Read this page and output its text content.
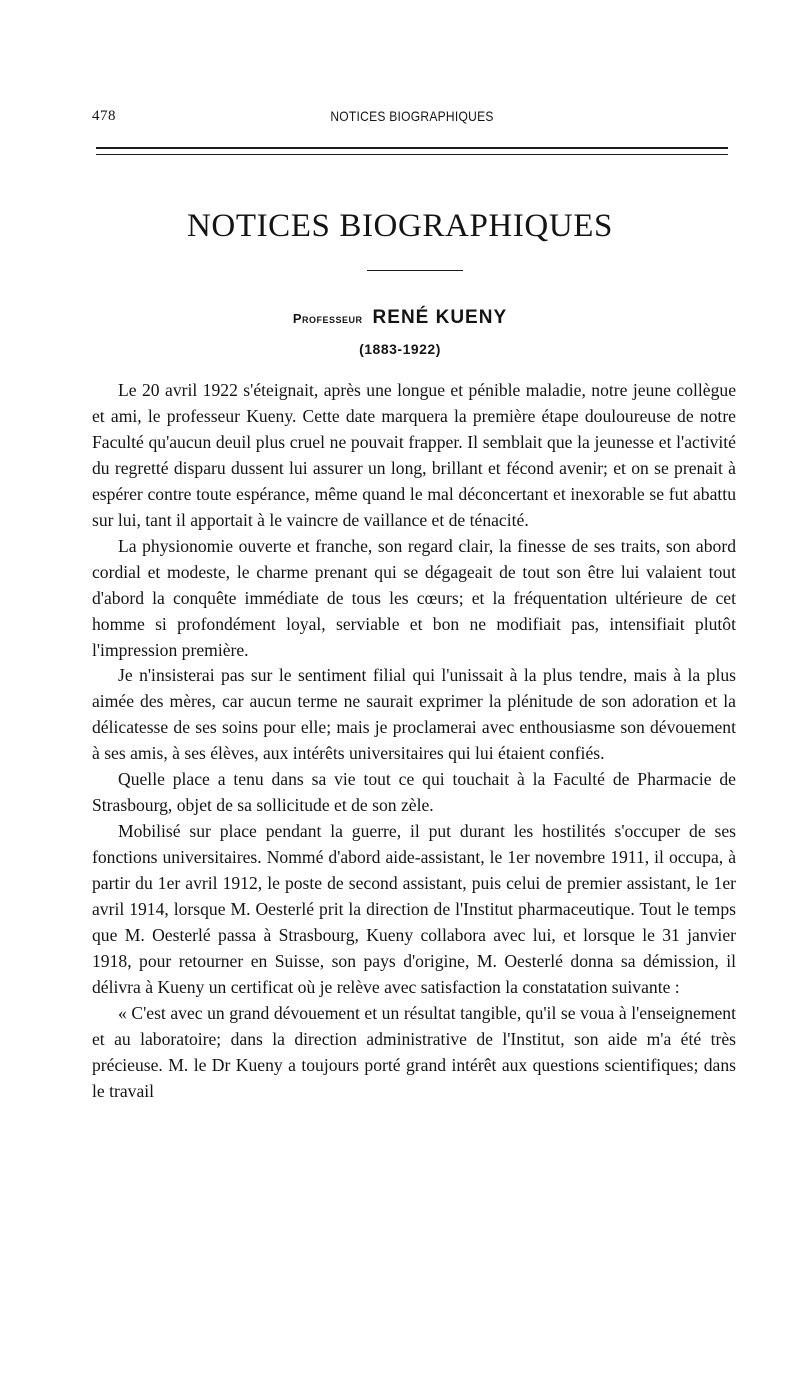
478	NOTICES BIOGRAPHIQUES
NOTICES BIOGRAPHIQUES
Professeur RENÉ KUENY
(1883-1922)

Le 20 avril 1922 s'éteignait, après une longue et pénible maladie, notre jeune collègue et ami, le professeur Kueny. Cette date marquera la première étape douloureuse de notre Faculté qu'aucun deuil plus cruel ne pouvait frapper. Il semblait que la jeunesse et l'activité du regretté disparu dussent lui assurer un long, brillant et fécond avenir; et on se prenait à espérer contre toute espérance, même quand le mal déconcertant et inexorable se fut abattu sur lui, tant il apportait à le vaincre de vaillance et de ténacité.

La physionomie ouverte et franche, son regard clair, la finesse de ses traits, son abord cordial et modeste, le charme prenant qui se dégageait de tout son être lui valaient tout d'abord la conquête immédiate de tous les cœurs; et la fréquentation ultérieure de cet homme si profondément loyal, serviable et bon ne modifiait pas, intensifiait plutôt l'impression première.

Je n'insisterai pas sur le sentiment filial qui l'unissait à la plus tendre, mais à la plus aimée des mères, car aucun terme ne saurait exprimer la plénitude de son adoration et la délicatesse de ses soins pour elle; mais je proclamerai avec enthousiasme son dévouement à ses amis, à ses élèves, aux intérêts universitaires qui lui étaient confiés.

Quelle place a tenu dans sa vie tout ce qui touchait à la Faculté de Pharmacie de Strasbourg, objet de sa sollicitude et de son zèle.

Mobilisé sur place pendant la guerre, il put durant les hostilités s'occuper de ses fonctions universitaires. Nommé d'abord aide-assistant, le 1er novembre 1911, il occupa, à partir du 1er avril 1912, le poste de second assistant, puis celui de premier assistant, le 1er avril 1914, lorsque M. Oesterlé prit la direction de l'Institut pharmaceutique. Tout le temps que M. Oesterlé passa à Strasbourg, Kueny collabora avec lui, et lorsque le 31 janvier 1918, pour retourner en Suisse, son pays d'origine, M. Oesterlé donna sa démission, il délivra à Kueny un certificat où je relève avec satisfaction la constatation suivante :

« C'est avec un grand dévouement et un résultat tangible, qu'il se voua à l'enseignement et au laboratoire; dans la direction administrative de l'Institut, son aide m'a été très précieuse. M. le Dr Kueny a toujours porté grand intérêt aux questions scientifiques; dans le travail
